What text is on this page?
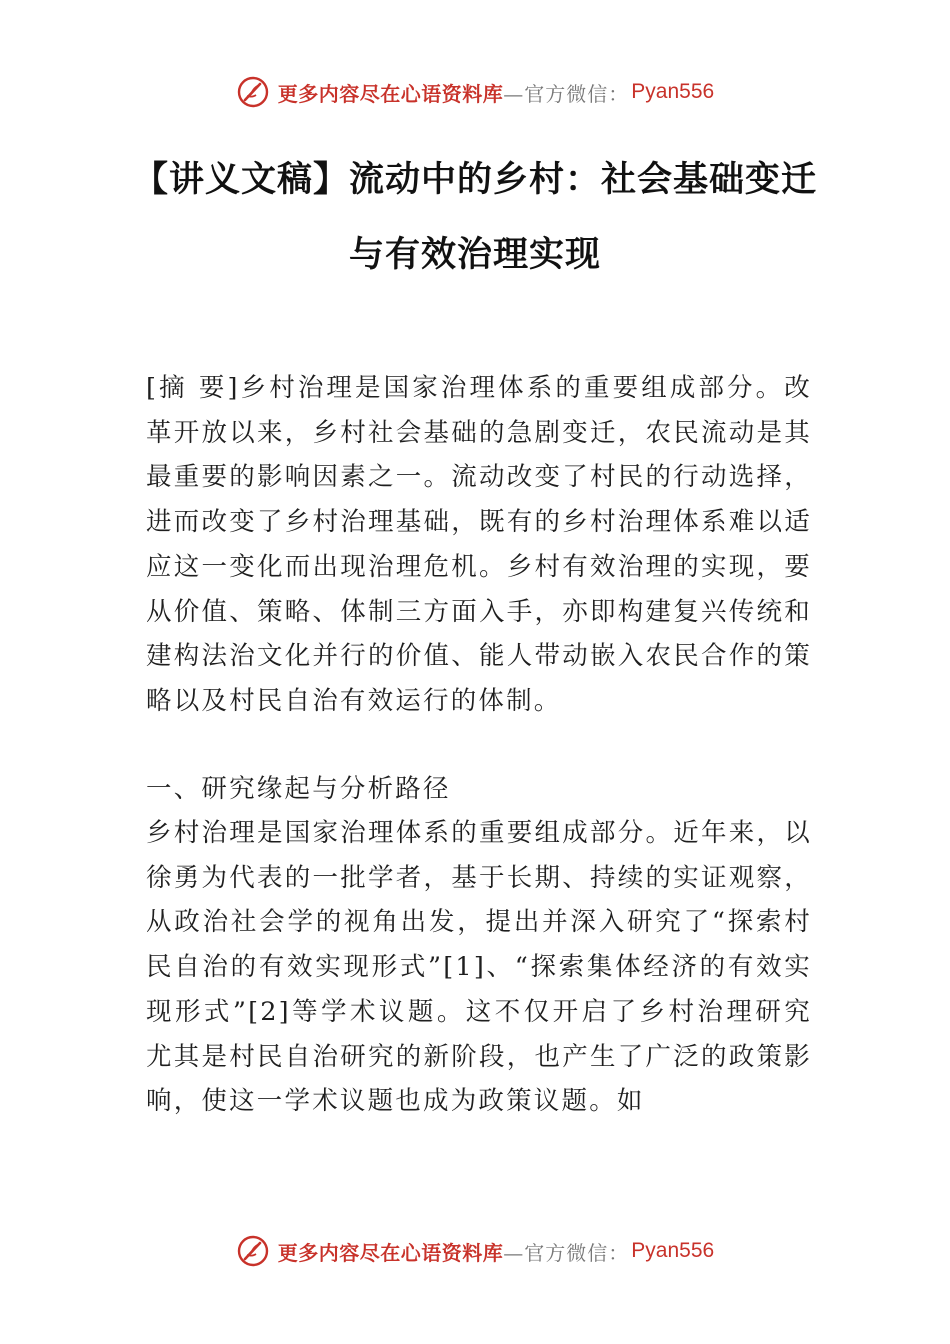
更多内容尽在心语资料库 —官方微信： Pyan556
【讲义文稿】流动中的乡村：社会基础变迁
与有效治理实现

[摘 要]乡村治理是国家治理体系的重要组成部分。改革开放以来，乡村社会基础的急剧变迁，农民流动是其最重要的影响因素之一。流动改变了村民的行动选择，进而改变了乡村治理基础，既有的乡村治理体系难以适应这一变化而出现治理危机。乡村有效治理的实现，要从价值、策略、体制三方面入手，亦即构建复兴传统和建构法治文化并行的价值、能人带动嵌入农民合作的策略以及村民自治有效运行的体制。

一、研究缘起与分析路径

乡村治理是国家治理体系的重要组成部分。近年来，以徐勇为代表的一批学者，基于长期、持续的实证观察，从政治社会学的视角出发，提出并深入研究了“探索村民自治的有效实现形式”[1]、“探索集体经济的有效实现形式”[2]等学术议题。这不仅开启了乡村治理研究尤其是村民自治研究的新阶段，也产生了广泛的政策影响，使这一学术议题也成为政策议题。如

更多内容尽在心语资料库 —官方微信： Pyan556
